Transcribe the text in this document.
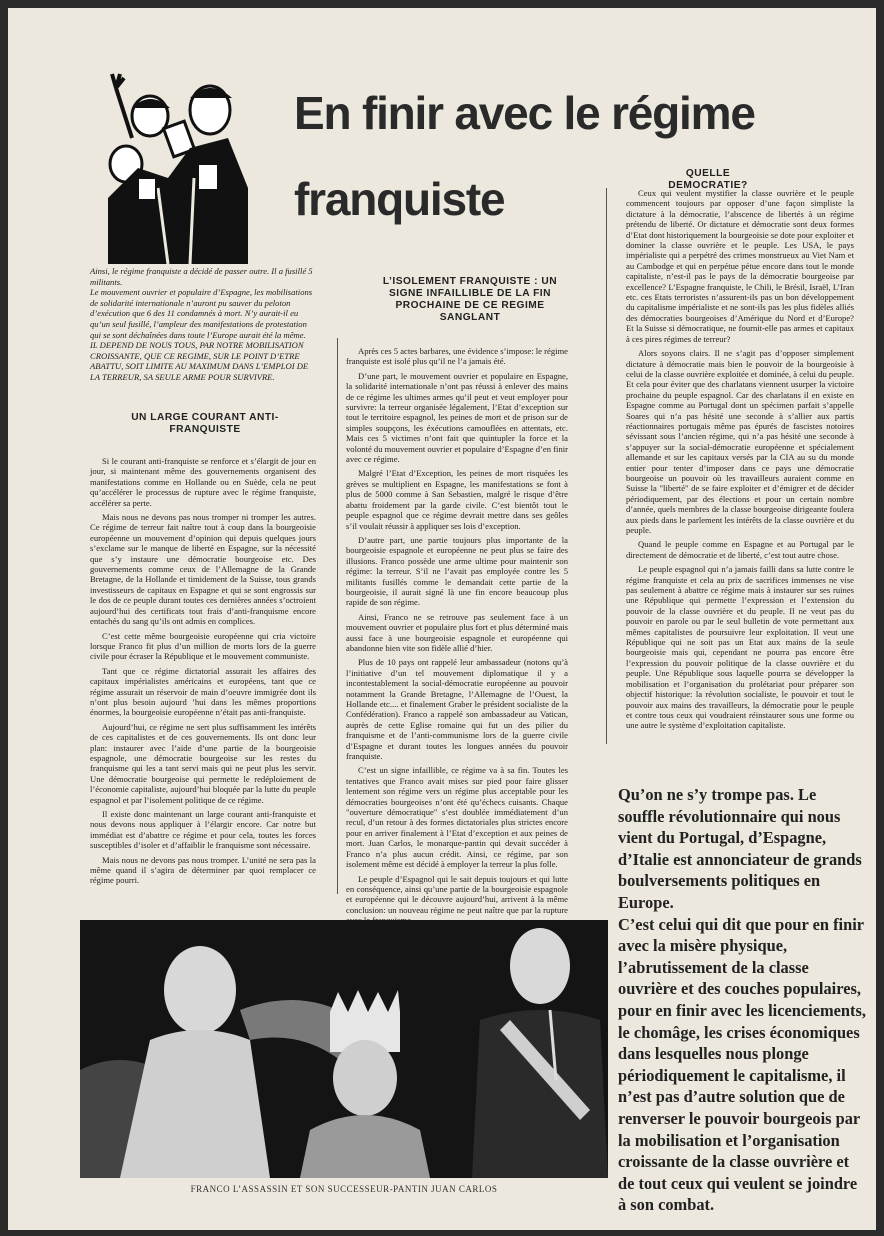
En finir avec le régime franquiste

Ainsi, le régime franquiste a décidé de passer outre. Il a fusillé 5 militants.

Le mouvement ouvrier et populaire d’Espagne, les mobilisations de solidarité internationale n’auront pu sauver du peloton d’exécution que 6 des 11 condamnés à mort. N’y aurait-il eu qu’un seul fusillé, l’ampleur des manifestations de protestation qui se sont déchaînées dans toute l’Europe aurait été la même.

IL DEPEND DE NOUS TOUS, PAR NOTRE MOBILISATION CROISSANTE, QUE CE REGIME, SUR LE POINT D’ETRE ABATTU, SOIT LIMITE AU MAXIMUM DANS L’EMPLOI DE LA TERREUR, SA SEULE ARME POUR SURVIVRE.

UN LARGE COURANT ANTI-FRANQUISTE
L’ISOLEMENT FRANQUISTE : UN SIGNE INFAILLIBLE DE LA FIN PROCHAINE DE CE REGIME SANGLANT
QUELLE DEMOCRATIE?

Si le courant anti-franquiste se renforce et s’élargit de jour en jour, si maintenant même des gouvernements organisent des manifestations comme en Hollande ou en Suède, cela ne peut qu’accélérer le processus de rupture avec le régime franquiste, accélérer sa perte.

Mais nous ne devons pas nous tromper ni tromper les autres. Ce régime de terreur fait naître tout à coup dans la bourgeoisie européenne un mouvement d’opinion qui depuis quelques jours s’exclame sur le manque de liberté en Espagne, sur la nécessité que s’y instaure une démocratie bourgeoise etc. Des gouvernements comme ceux de l’Allemagne de la Grande Bretagne, de la Hollande et timidement de la Suisse, tous grands investisseurs de capitaux en Espagne et qui se sont engrossis sur le dos de ce peuple durant toutes ces dernières années s’octroient aujourd’hui des certificats tout frais d’anti-franquisme encore entachés du sang qu’ils ont admis en complices.

C’est cette même bourgeoisie européenne qui cria victoire lorsque Franco fit plus d’un million de morts lors de la guerre civile pour écraser la République et le mouvement communiste.

Tant que ce régime dictatorial assurait les affaires des capitaux impérialistes américains et européens, tant que ce régime assurait un réservoir de main d’oeuvre immigrée dont ils n’ont plus besoin aujourd ’hui dans les mêmes proportions énormes, la bourgeoisie européenne n’était pas anti-franquiste.

Aujourd’hui, ce régime ne sert plus suffisamment les intérêts de ces capitalistes et de ces gouvernements. Ils ont donc leur plan: instaurer avec l’aide d’une partie de la bourgeoisie espagnole, une démocratie bourgeoise sur les restes du franquisme qui les a tant servi mais qui ne peut plus les servir. Une démocratie bourgeoise qui permette le redéploiement de l’économie capitaliste, aujourd’hui bloquée par la lutte du peuple espagnol et par l’isolement politique de ce régime.

Il existe donc maintenant un large courant anti-franquiste et nous devons nous appliquer à l’élargir encore. Car notre but immédiat est d’abattre ce régime et pour cela, toutes les forces susceptibles d’isoler et d’affaiblir le franquisme sont nécessaire.

Mais nous ne devons pas nous tromper. L’unité ne sera pas la même quand il s’agira de déterminer par quoi remplacer ce régime pourri.

Après ces 5 actes barbares, une évidence s’impose: le régime franquiste est isolé plus qu’il ne l’a jamais été.

D’une part, le mouvement ouvrier et populaire en Espagne, la solidarité internationale n’ont pas réussi à enlever des mains de ce régime les ultimes armes qu’il peut et veut employer pour survivre: la terreur organisée légalement, l’Etat d’exception sur tout le territoire espagnol, les peines de mort et de prison sur de simples soupçons, les éxécutions camouflées en attentats, etc. Mais ces 5 victimes n’ont fait que quintupler la force et la volonté du mouvement ouvrier et populaire d’Espagne d’en finir avec ce régime.

Malgré l’Etat d’Exception, les peines de mort risquées les grèves se multiplient en Espagne, les manifestations se font à plus de 5000 comme à San Sebastien, malgré le risque d’être abattu froidement par la garde civile. C’est bientôt tout le peuple espagnol que ce régime devrait mettre dans ses geôles s’il voulait réussir à appliquer ses lois d’exception.

D’autre part, une partie toujours plus importante de la bourgeoisie espagnole et européenne ne peut plus se faire des illusions. Franco possède une arme ultime pour maintenir son régime: la terreur. S’il ne l’avait pas employée contre les 5 militants fusillés comme le demandait cette partie de la bourgeoisie, il aurait signé là une fin encore beaucoup plus rapide de son régime.

Ainsi, Franco ne se retrouve pas seulement face à un mouvement ouvrier et populaire plus fort et plus déterminé mais aussi face à une bourgeoisie espagnole et européenne qui abandonne bien vite son fidèle allié d’hier.

Plus de 10 pays ont rappelé leur ambassadeur (notons qu’à l’initiative d’un tel mouvement diplomatique il y a incontestablement la social-démocratie européenne au pouvoir notamment la Grande Bretagne, l’Allemagne de l’Ouest, la Hollande etc.... et finalement Graber le président socialiste de la Confédération). Franco a rappelé son ambassadeur au Vatican, auprès de cette Eglise romaine qui fut un des pilier du franquisme et de l’anti-communisme lors de la guerre civile d’Espagne et durant toutes les longues années du pouvoir franquiste.

C’est un signe infaillible, ce régime va à sa fin. Toutes les tentatives que Franco avait mises sur pied pour faire glisser lentement son régime vers un régime plus acceptable pour les démocraties bourgeoises n’ont été qu’échecs cuisants. Chaque "ouverture démocratique" s’est doublée immédiatement d’un recul, d’un retour à des formes dictatoriales plus strictes encore pour en arriver finalement à l’Etat d’exception et aux peines de mort. Juan Carlos, le monarque-pantin qui devait succéder à Franco n’a plus aucun crédit. Ainsi, ce régime, par son isolement même est décidé à employer la terreur la plus folle.

Le peuple d’Espagnol qui le sait depuis toujours et qui lutte en conséquence, ainsi qu’une partie de la bourgeoisie espagnole et européenne qui le découvre aujourd’hui, arrivent à la même conclusion: un nouveau régime ne peut naître que par la rupture

Ceux qui veulent mystifier la classe ouvrière et le peuple commencent toujours par opposer d’une façon simpliste la dictature à la démocratie, l’abscence de libertés à un régime prétendu de liberté. Or dictature et démocratie sont deux formes d’Etat dont historiquement la bourgeoisie se dote pour exploiter et dominer la classe ouvrière et le peuple. Les USA, le pays impérialiste qui a perpétré des crimes monstrueux au Viet Nam et au Cambodge et qui en perpétue pétue encore dans tout le monde capitaliste, n’est-il pas le pays de la démocratie bourgeoise par excellence? L’Espagne franquiste, le Chili, le Brésil, Israël, L’Iran etc. ces Etats terroristes n’assurent-ils pas un bon développement du capitalisme impérialiste et ne sont-ils pas les plus fidèles alliés des démocraties bourgeoises d’Amérique du Nord et d’Europe? Et la Suisse si démocratique, ne fournit-elle pas armes et capitaux à ces pires régimes de terreur?

Alors soyons clairs. Il ne s’agit pas d’opposer simplement dictature à démocratie mais bien le pouvoir de la bourgeoisie à celui de la classe ouvrière exploitée et dominée, à celui du peuple. Et cela pour éviter que des charlatans viennent usurper la victoire prochaine du peuple espagnol. Car des charlatans il en existe en Espagne comme au Portugal dont un spécimen parfait s’appelle Soares qui n’a pas hésité une seconde à s’allier aux partis réactionnaires portugais même pas épurés de fascistes notoires sévissant sous l’ancien régime, qui n’a pas hésité une seconde à s’appuyer sur la social-démocratie européenne et spécialement allemande et sur les capitaux versés par la CIA au su du monde entier pour tenter d’imposer dans ce pays une démocratie bourgeoise un pouvoir où les travailleurs auraient comme en Suisse la "liberté" de se faire exploiter et d’émigrer et de décider périodiquement, par des élections et pour un certain nombre d’année, quels membres de la classe bourgeoise dirigeante foulera aux pieds dans le parlement les intérêts de la classe ouvrière et du peuple.

Quand le peuple comme en Espagne et au Portugal par le directement de démocratie et de liberté, c’est tout autre chose.

Le peuple espagnol qui n’a jamais failli dans sa lutte contre le régime franquiste et cela au prix de sacrifices immenses ne vise pas seulement à abattre ce régime mais à instaurer sur ses ruines une République qui permette l’expression et l’extension du pouvoir de la classe ouvrière et du peuple. Il ne veut pas du pouvoir en parole ou par le seul bulletin de vote permettant aux mêmes capitalistes de poursuivre leur exploitation. Il veut une République qui ne soit pas un Etat aux mains de la seule bourgeoisie mais qui, cependant ne pourra pas encore être l’expression du pouvoir politique de la classe ouvrière et du peuple. Une République sous laquelle pourra se développer la mobilisation et l’organisation du prolétariat pour préparer son objectif historique: la révolution socialiste, le pouvoir et tout le pouvoir aux mains des travailleurs, la démocratie pour le peuple et contre tous ceux qui voudraient réinstaurer sous une forme ou une autre le système d’exploitation capitaliste.

FRANCO L’ASSASSIN ET SON SUCCESSEUR-PANTIN JUAN CARLOS

Qu’on ne s’y trompe pas. Le souffle révolutionnaire qui nous vient du Portugal, d’Espagne, d’Italie est annonciateur de grands boulversements politiques en Europe.

C’est celui qui dit que pour en finir avec la misère physique, l’abrutissement de la classe ouvrière et des couches populaires, pour en finir avec les licenciements, le chomâge, les crises économiques dans lesquelles nous plonge périodiquement le capitalisme, il n’est pas d’autre solution que de renverser le pouvoir bourgeois par la mobilisation et l’organisation croissante de la classe ouvrière et de tout ceux qui veulent se joindre à son combat.
